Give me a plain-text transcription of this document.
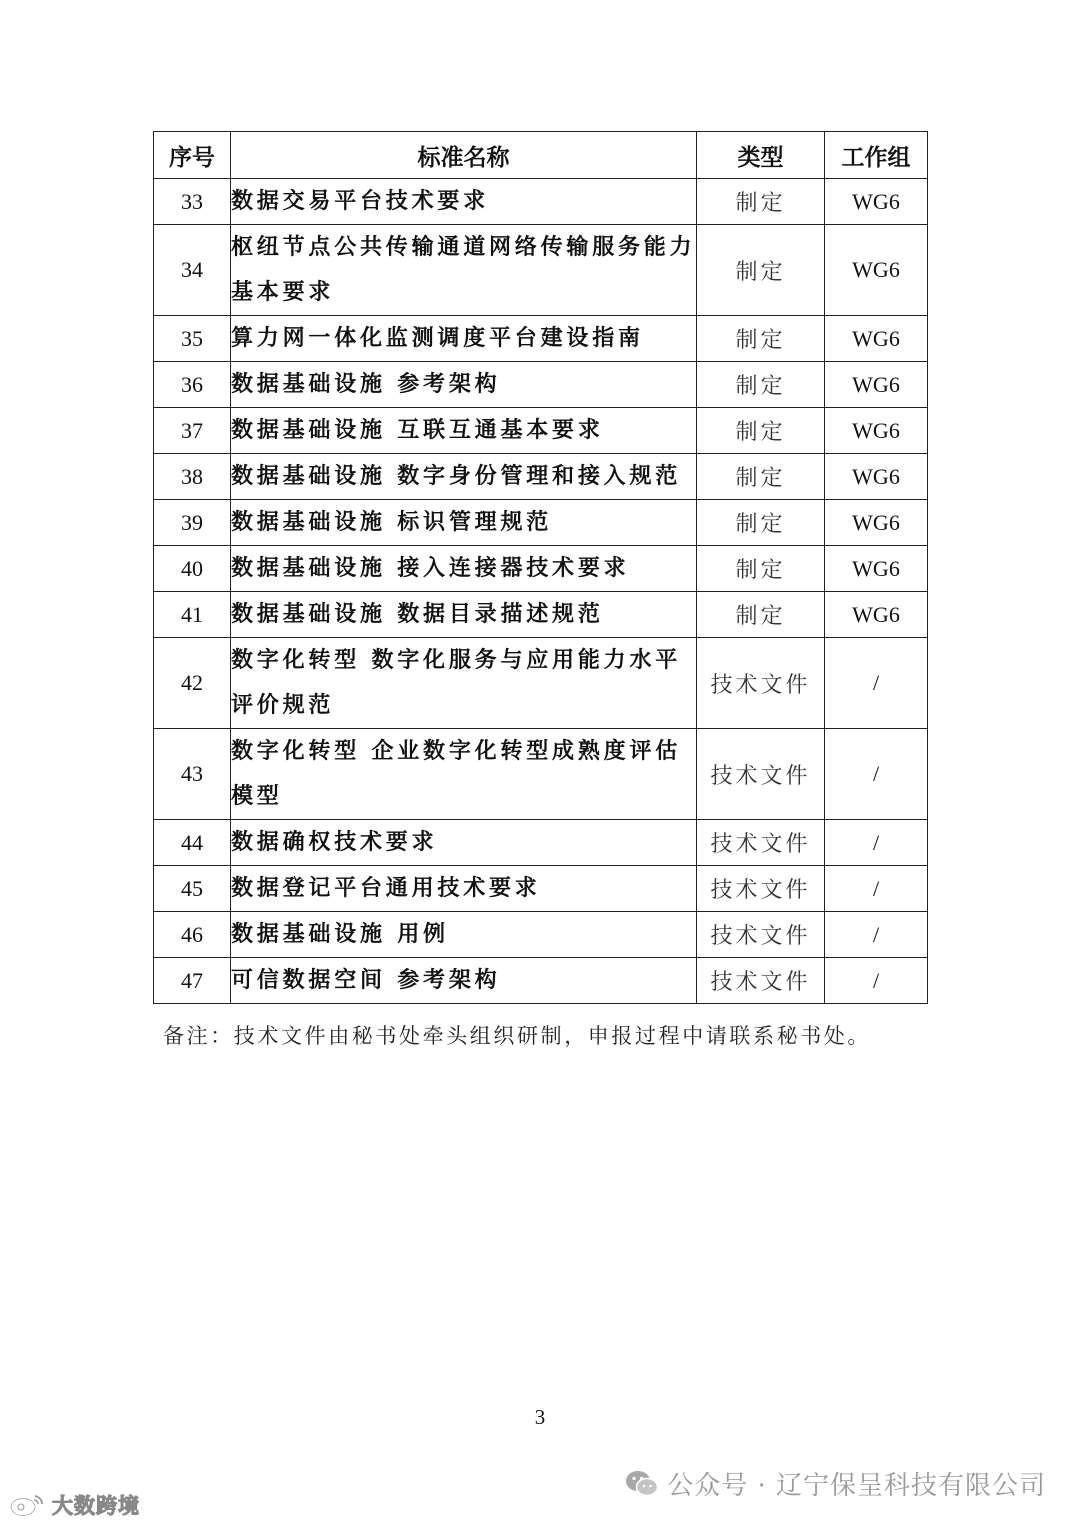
序号	标准名称	类型	工作组
33	数据交易平台技术要求	制定	WG6
34	枢纽节点公共传输通道网络传输服务能力基本要求	制定	WG6
35	算力网一体化监测调度平台建设指南	制定	WG6
36	数据基础设施 参考架构	制定	WG6
37	数据基础设施 互联互通基本要求	制定	WG6
38	数据基础设施 数字身份管理和接入规范	制定	WG6
39	数据基础设施 标识管理规范	制定	WG6
40	数据基础设施 接入连接器技术要求	制定	WG6
41	数据基础设施 数据目录描述规范	制定	WG6
42	数字化转型 数字化服务与应用能力水平评价规范	技术文件	/
43	数字化转型 企业数字化转型成熟度评估模型	技术文件	/
44	数据确权技术要求	技术文件	/
45	数据登记平台通用技术要求	技术文件	/
46	数据基础设施 用例	技术文件	/
47	可信数据空间 参考架构	技术文件	/
备注：技术文件由秘书处牵头组织研制，申报过程中请联系秘书处。
3
公众号 · 辽宁保呈科技有限公司
大数跨境
